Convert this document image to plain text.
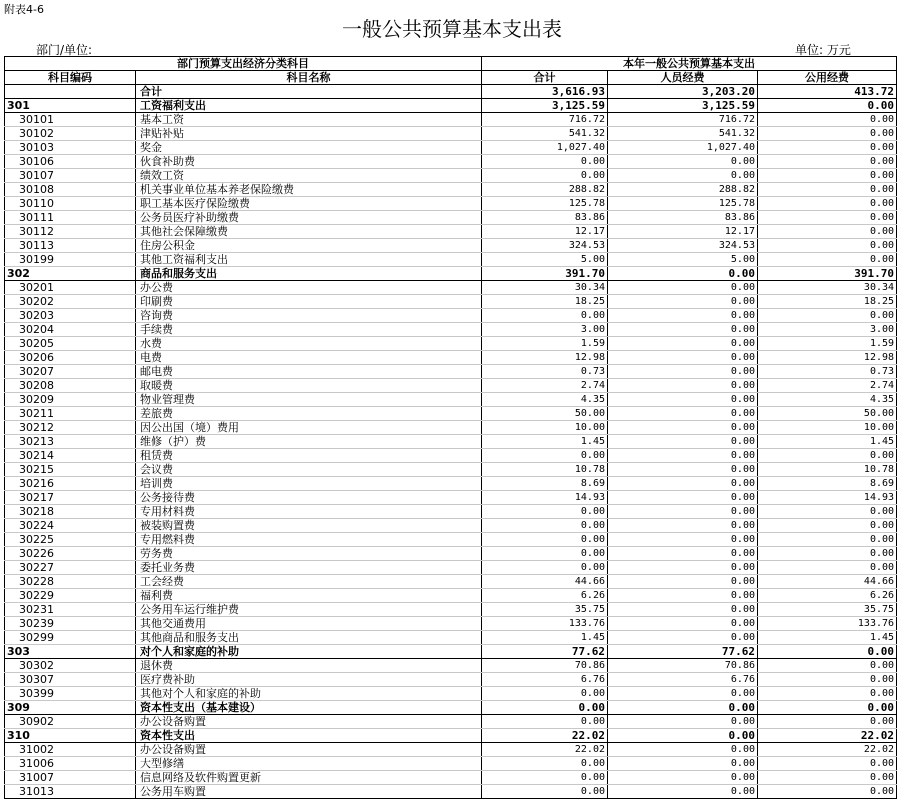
附表4-6
一般公共预算基本支出表
部门/单位:	单位: 万元
部门预算支出经济分类科目		本年一般公共预算基本支出		
科目编码	科目名称	合计	人员经费	公用经费
	合计	3,616.93	3,203.20	413.72
301	工资福利支出	3,125.59	3,125.59	0.00
30101	基本工资	716.72	716.72	0.00
30102	津贴补贴	541.32	541.32	0.00
30103	奖金	1,027.40	1,027.40	0.00
30106	伙食补助费	0.00	0.00	0.00
30107	绩效工资	0.00	0.00	0.00
30108	机关事业单位基本养老保险缴费	288.82	288.82	0.00
30110	职工基本医疗保险缴费	125.78	125.78	0.00
30111	公务员医疗补助缴费	83.86	83.86	0.00
30112	其他社会保障缴费	12.17	12.17	0.00
30113	住房公积金	324.53	324.53	0.00
30199	其他工资福利支出	5.00	5.00	0.00
302	商品和服务支出	391.70	0.00	391.70
30201	办公费	30.34	0.00	30.34
30202	印刷费	18.25	0.00	18.25
30203	咨询费	0.00	0.00	0.00
30204	手续费	3.00	0.00	3.00
30205	水费	1.59	0.00	1.59
30206	电费	12.98	0.00	12.98
30207	邮电费	0.73	0.00	0.73
30208	取暖费	2.74	0.00	2.74
30209	物业管理费	4.35	0.00	4.35
30211	差旅费	50.00	0.00	50.00
30212	因公出国（境）费用	10.00	0.00	10.00
30213	维修（护）费	1.45	0.00	1.45
30214	租赁费	0.00	0.00	0.00
30215	会议费	10.78	0.00	10.78
30216	培训费	8.69	0.00	8.69
30217	公务接待费	14.93	0.00	14.93
30218	专用材料费	0.00	0.00	0.00
30224	被装购置费	0.00	0.00	0.00
30225	专用燃料费	0.00	0.00	0.00
30226	劳务费	0.00	0.00	0.00
30227	委托业务费	0.00	0.00	0.00
30228	工会经费	44.66	0.00	44.66
30229	福利费	6.26	0.00	6.26
30231	公务用车运行维护费	35.75	0.00	35.75
30239	其他交通费用	133.76	0.00	133.76
30299	其他商品和服务支出	1.45	0.00	1.45
303	对个人和家庭的补助	77.62	77.62	0.00
30302	退休费	70.86	70.86	0.00
30307	医疗费补助	6.76	6.76	0.00
30399	其他对个人和家庭的补助	0.00	0.00	0.00
309	资本性支出（基本建设）	0.00	0.00	0.00
30902	办公设备购置	0.00	0.00	0.00
310	资本性支出	22.02	0.00	22.02
31002	办公设备购置	22.02	0.00	22.02
31006	大型修缮	0.00	0.00	0.00
31007	信息网络及软件购置更新	0.00	0.00	0.00
31013	公务用车购置	0.00	0.00	0.00
